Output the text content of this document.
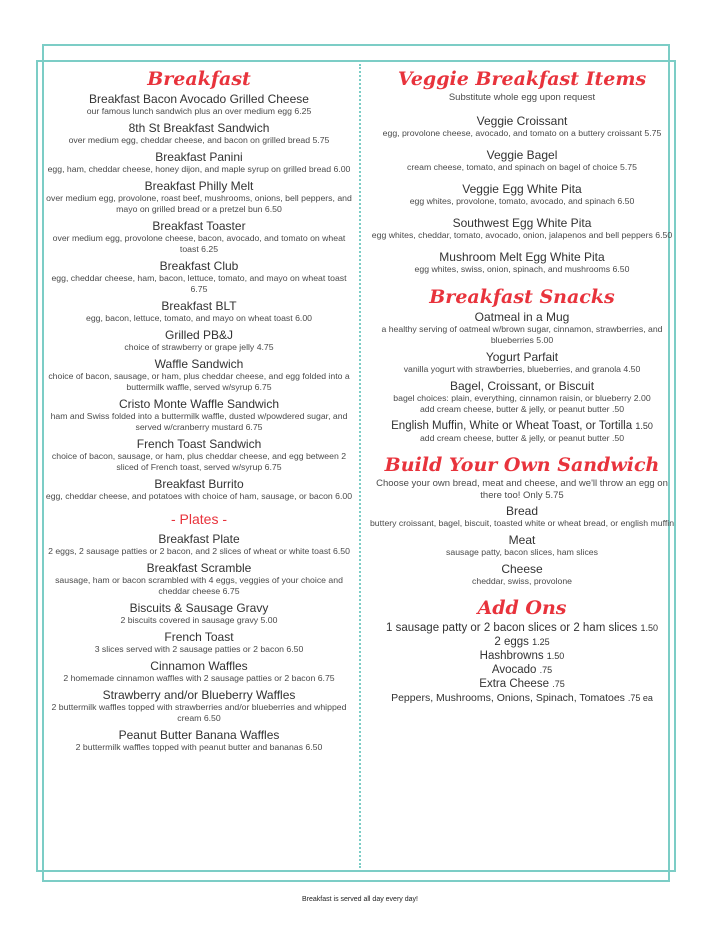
Breakfast
Breakfast Bacon Avocado Grilled Cheese
our famous lunch sandwich plus an over medium egg 6.25
8th St Breakfast Sandwich
over medium egg, cheddar cheese, and bacon on grilled bread 5.75
Breakfast Panini
egg, ham, cheddar cheese, honey dijon, and maple syrup on grilled bread 6.00
Breakfast Philly Melt
over medium egg, provolone, roast beef, mushrooms, onions, bell peppers, and mayo on grilled bread or a pretzel bun 6.50
Breakfast Toaster
over medium egg, provolone cheese, bacon, avocado, and tomato on wheat toast 6.25
Breakfast Club
egg, cheddar cheese, ham, bacon, lettuce, tomato, and mayo on wheat toast 6.75
Breakfast BLT
egg, bacon, lettuce, tomato, and mayo on wheat toast 6.00
Grilled PB&J
choice of strawberry or grape jelly 4.75
Waffle Sandwich
choice of bacon, sausage, or ham, plus cheddar cheese, and egg folded into a buttermilk waffle, served w/syrup 6.75
Cristo Monte Waffle Sandwich
ham and Swiss folded into a buttermilk waffle, dusted w/powdered sugar, and served w/cranberry mustard 6.75
French Toast Sandwich
choice of bacon, sausage, or ham, plus cheddar cheese, and egg between 2 sliced of French toast, served w/syrup 6.75
Breakfast Burrito
egg, cheddar cheese, and potatoes with choice of ham, sausage, or bacon 6.00
- Plates -
Breakfast Plate
2 eggs, 2 sausage patties or 2 bacon, and 2 slices of wheat or white toast 6.50
Breakfast Scramble
sausage, ham or bacon scrambled with 4 eggs, veggies of your choice and cheddar cheese 6.75
Biscuits & Sausage Gravy
2 biscuits covered in sausage gravy 5.00
French Toast
3 slices served with 2 sausage patties or 2 bacon 6.50
Cinnamon Waffles
2 homemade cinnamon waffles with 2 sausage patties or 2 bacon 6.75
Strawberry and/or Blueberry Waffles
2 buttermilk waffles topped with strawberries and/or blueberries and whipped cream 6.50
Peanut Butter Banana Waffles
2 buttermilk waffles topped with peanut butter and bananas 6.50
Veggie Breakfast Items
Substitute whole egg upon request
Veggie Croissant
egg, provolone cheese, avocado, and tomato on a buttery croissant 5.75
Veggie Bagel
cream cheese, tomato, and spinach on bagel of choice 5.75
Veggie Egg White Pita
egg whites, provolone, tomato, avocado, and spinach 6.50
Southwest Egg White Pita
egg whites, cheddar, tomato, avocado, onion, jalapenos and bell peppers 6.50
Mushroom Melt Egg White Pita
egg whites, swiss, onion, spinach, and mushrooms 6.50
Breakfast Snacks
Oatmeal in a Mug
a healthy serving of oatmeal w/brown sugar, cinnamon, strawberries, and blueberries 5.00
Yogurt Parfait
vanilla yogurt with strawberries, blueberries, and granola 4.50
Bagel, Croissant, or Biscuit
bagel choices: plain, everything, cinnamon raisin, or blueberry 2.00
add cream cheese, butter & jelly, or peanut butter .50
English Muffin, White or Wheat Toast, or Tortilla 1.50
add cream cheese, butter & jelly, or peanut butter .50
Build Your Own Sandwich
Choose your own bread, meat and cheese, and we'll throw an egg on there too! Only 5.75
Bread
buttery croissant, bagel, biscuit, toasted white or wheat bread, or english muffin
Meat
sausage patty, bacon slices, ham slices
Cheese
cheddar, swiss, provolone
Add Ons
1 sausage patty or 2 bacon slices or 2 ham slices 1.50
2 eggs 1.25
Hashbrowns 1.50
Avocado .75
Extra Cheese .75
Peppers, Mushrooms, Onions, Spinach, Tomatoes .75 ea
Breakfast is served all day every day!
